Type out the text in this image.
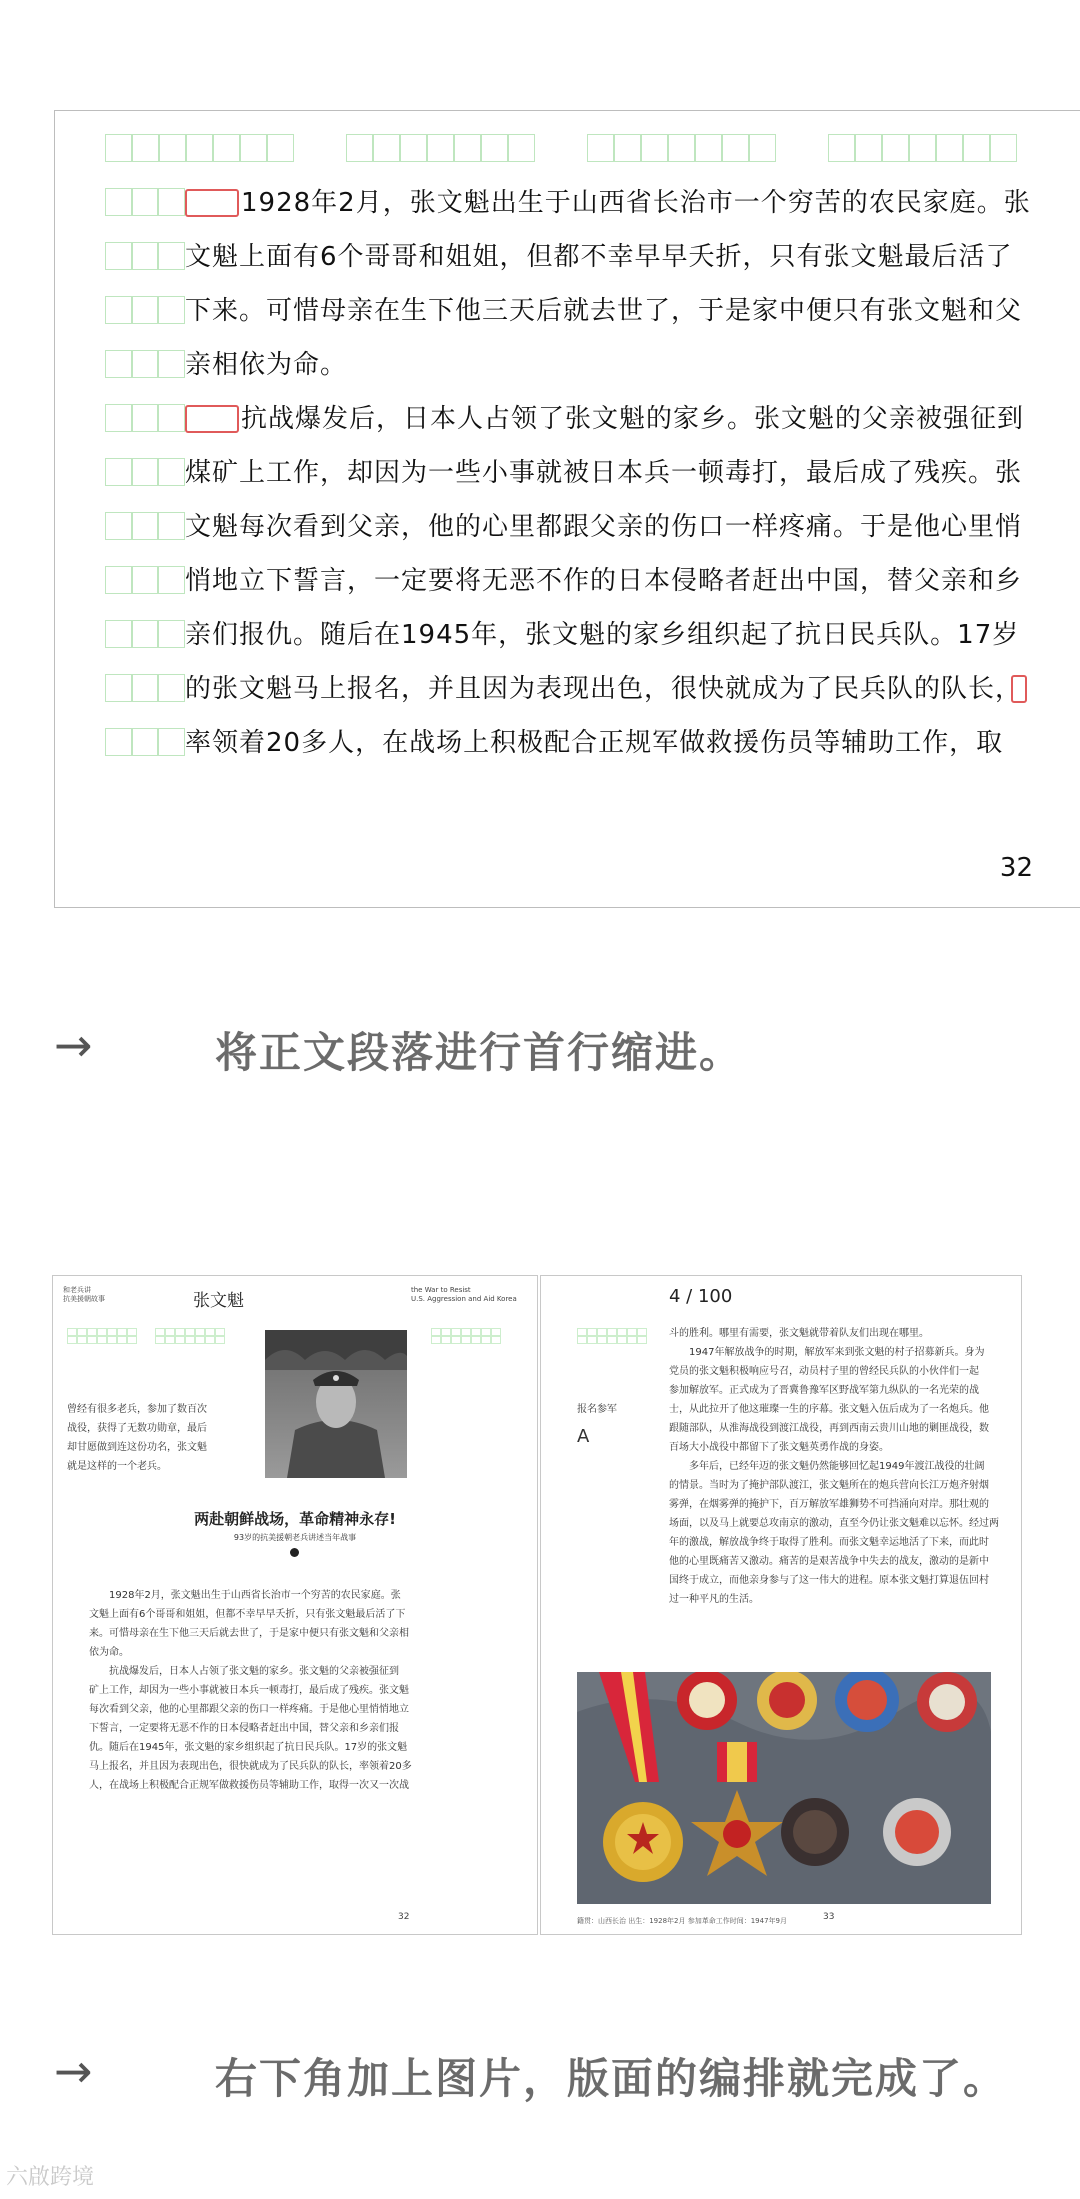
1928年2月，张文魁出生于山西省长治市一个穷苦的农民家庭。张
文魁上面有6个哥哥和姐姐，但都不幸早早夭折，只有张文魁最后活了
下来。可惜母亲在生下他三天后就去世了，于是家中便只有张文魁和父
亲相依为命。
抗战爆发后，日本人占领了张文魁的家乡。张文魁的父亲被强征到
煤矿上工作，却因为一些小事就被日本兵一顿毒打，最后成了残疾。张
文魁每次看到父亲，他的心里都跟父亲的伤口一样疼痛。于是他心里悄
悄地立下誓言，一定要将无恶不作的日本侵略者赶出中国，替父亲和乡
亲们报仇。随后在1945年，张文魁的家乡组织起了抗日民兵队。17岁
的张文魁马上报名，并且因为表现出色，很快就成为了民兵队的队长，
率领着20多人，在战场上积极配合正规军做救援伤员等辅助工作，取
32
→	将正文段落进行首行缩进。
和老兵讲
抗美援朝故事	张文魁
the War to Resist
U.S. Aggression and Aid Korea
曾经有很多老兵，参加了数百次
战役，获得了无数功勋章，最后
却甘愿做到连这份功名，张文魁
就是这样的一个老兵。
两赴朝鲜战场，革命精神永存!
93岁的抗美援朝老兵讲述当年战事
1928年2月，张文魁出生于山西省长治市一个穷苦的农民家庭。张
文魁上面有6个哥哥和姐姐，但都不幸早早夭折，只有张文魁最后活了下
来。可惜母亲在生下他三天后就去世了，于是家中便只有张文魁和父亲相
依为命。
抗战爆发后，日本人占领了张文魁的家乡。张文魁的父亲被强征到
矿上工作，却因为一些小事就被日本兵一顿毒打，最后成了残疾。张文魁
每次看到父亲，他的心里都跟父亲的伤口一样疼痛。于是他心里悄悄地立
下誓言，一定要将无恶不作的日本侵略者赶出中国，替父亲和乡亲们报
仇。随后在1945年，张文魁的家乡组织起了抗日民兵队。17岁的张文魁
马上报名，并且因为表现出色，很快就成为了民兵队的队长，率领着20多
人，在战场上积极配合正规军做救援伤员等辅助工作，取得一次又一次战
32
4 / 100
报名参军
A
斗的胜利。哪里有需要，张文魁就带着队友们出现在哪里。
1947年解放战争的时期，解放军来到张文魁的村子招募新兵。身为
党员的张文魁积极响应号召，动员村子里的曾经民兵队的小伙伴们一起
参加解放军。正式成为了晋冀鲁豫军区野战军第九纵队的一名光荣的战
士，从此拉开了他这璀璨一生的序幕。张文魁入伍后成为了一名炮兵。他
跟随部队，从淮海战役到渡江战役，再到西南云贵川山地的剿匪战役，数
百场大小战役中都留下了张文魁英勇作战的身姿。
多年后，已经年迈的张文魁仍然能够回忆起1949年渡江战役的壮阔
的情景。当时为了掩护部队渡江，张文魁所在的炮兵营向长江万炮齐射烟
雾弹，在烟雾弹的掩护下，百万解放军雄狮势不可挡涌向对岸。那壮观的
场面，以及马上就要总攻南京的激动，直至今仍让张文魁难以忘怀。经过两
年的激战，解放战争终于取得了胜利。而张文魁幸运地活了下来，而此时
他的心里既痛苦又激动。痛苦的是艰苦战争中失去的战友，激动的是新中
国终于成立，而他亲身参与了这一伟大的进程。原本张文魁打算退伍回村
过一种平凡的生活。
籍贯：山西长治 出生：1928年2月 参加革命工作时间：1947年9月	33
→	右下角加上图片，版面的编排就完成了。
六啟跨境
